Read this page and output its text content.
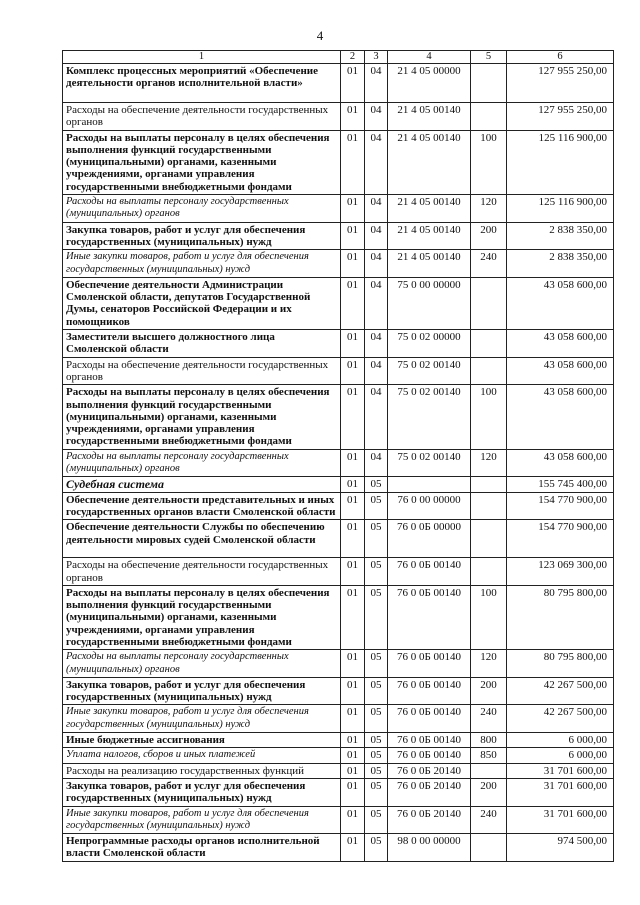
4
1	2	3	4	5	6
Комплекс процессных мероприятий «Обеспечение деятельности органов исполнительной власти»	01	04	21 4 05 00000		127 955 250,00
Расходы на обеспечение деятельности государственных органов	01	04	21 4 05 00140		127 955 250,00
Расходы на выплаты персоналу в целях обеспечения выполнения функций государственными (муниципальными) органами, казенными учреждениями, органами управления государственными внебюджетными фондами	01	04	21 4 05 00140	100	125 116 900,00
Расходы на выплаты персоналу государственных (муниципальных) органов	01	04	21 4 05 00140	120	125 116 900,00
Закупка товаров, работ и услуг для обеспечения государственных (муниципальных) нужд	01	04	21 4 05 00140	200	2 838 350,00
Иные закупки товаров, работ и услуг для обеспечения государственных (муниципальных) нужд	01	04	21 4 05 00140	240	2 838 350,00
Обеспечение деятельности Администрации Смоленской области, депутатов Государственной Думы, сенаторов Российской Федерации и их помощников	01	04	75 0 00 00000		43 058 600,00
Заместители высшего должностного лица Смоленской области	01	04	75 0 02 00000		43 058 600,00
Расходы на обеспечение деятельности государственных органов	01	04	75 0 02 00140		43 058 600,00
Расходы на выплаты персоналу в целях обеспечения выполнения функций государственными (муниципальными) органами, казенными учреждениями, органами управления государственными внебюджетными фондами	01	04	75 0 02 00140	100	43 058 600,00
Расходы на выплаты персоналу государственных (муниципальных) органов	01	04	75 0 02 00140	120	43 058 600,00
Судебная система	01	05			155 745 400,00
Обеспечение деятельности представительных и иных государственных органов власти Смоленской области	01	05	76 0 00 00000		154 770 900,00
Обеспечение деятельности Службы по обеспечению деятельности мировых судей Смоленской области	01	05	76 0 0Б 00000		154 770 900,00
Расходы на обеспечение деятельности государственных органов	01	05	76 0 0Б 00140		123 069 300,00
Расходы на выплаты персоналу в целях обеспечения выполнения функций государственными (муниципальными) органами, казенными учреждениями, органами управления государственными внебюджетными фондами	01	05	76 0 0Б 00140	100	80 795 800,00
Расходы на выплаты персоналу государственных (муниципальных) органов	01	05	76 0 0Б 00140	120	80 795 800,00
Закупка товаров, работ и услуг для обеспечения государственных (муниципальных) нужд	01	05	76 0 0Б 00140	200	42 267 500,00
Иные закупки товаров, работ и услуг для обеспечения государственных (муниципальных) нужд	01	05	76 0 0Б 00140	240	42 267 500,00
Иные бюджетные ассигнования	01	05	76 0 0Б 00140	800	6 000,00
Уплата налогов, сборов и иных платежей	01	05	76 0 0Б 00140	850	6 000,00
Расходы на реализацию государственных функций	01	05	76 0 0Б 20140		31 701 600,00
Закупка товаров, работ и услуг для обеспечения государственных (муниципальных) нужд	01	05	76 0 0Б 20140	200	31 701 600,00
Иные закупки товаров, работ и услуг для обеспечения государственных (муниципальных) нужд	01	05	76 0 0Б 20140	240	31 701 600,00
Непрограммные расходы органов исполнительной власти Смоленской области	01	05	98 0 00 00000		974 500,00
